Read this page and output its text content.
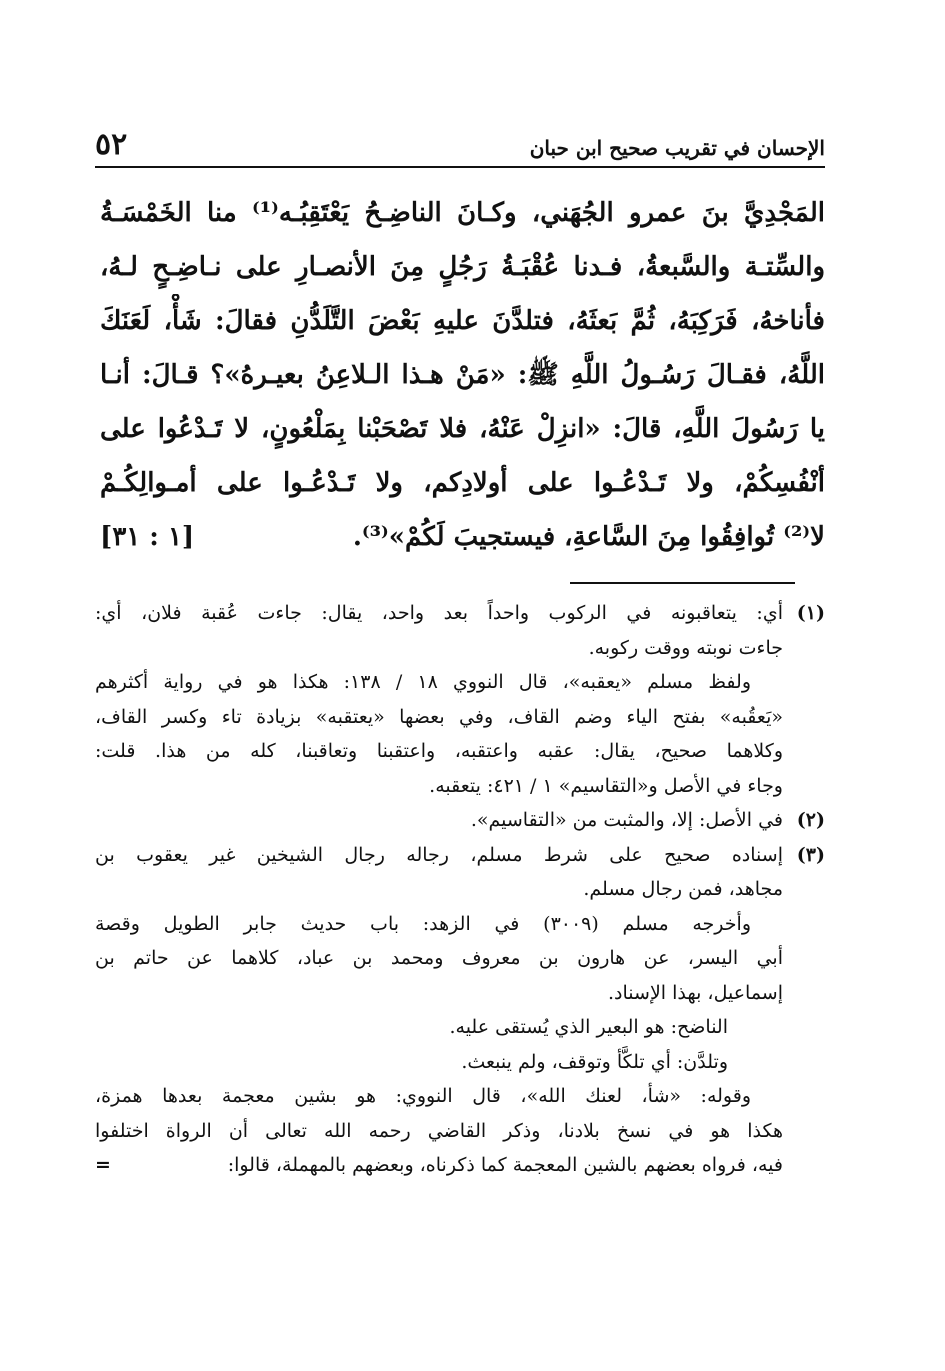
الإحسان في تقريب صحيح ابن حبان
٥٢
المَجْدِيَّ بنَ عمرو الجُهَني، وكـانَ الناضِـحُ يَعْتَقِبُـه⁽¹⁾ منا الخَمْسَـةُ
والسِّتـة والسَّبعةُ، فـدنا عُقْبَـةُ رَجُلٍ مِنَ الأنصـارِ على نـاضِـحٍ لـهُ،
فأناخهُ، فَرَكِبَهُ، ثُمَّ بَعثَهُ، فتلدَّنَ عليهِ بَعْضَ التَّلَدُّنِ فقالَ: شَأْ، لَعَنَكَ
اللَّهُ، فقـالَ رَسُـولُ اللَّهِ ﷺ: «مَنْ هـذا الـلاعِنُ بعيـرهُ»؟ قـالَ: أنـا
يا رَسُولَ اللَّهِ، قالَ: «انزِلْ عَنْهُ، فلا تَصْحَبْنا بِمَلْعُونٍ، لا تَـدْعُوا على
أنْفُسِكُمْ، ولا تَـدْعُـوا على أولادِكم، ولا تَـدْعُـوا على أمـوالِكُـمْ
لا⁽²⁾ تُوافِقُوا مِنَ السَّاعةِ، فيستجيبَ لَكُمْ»⁽³⁾.
[١ : ٣١]
(١)
أي: يتعاقبونه في الركوب واحداً بعد واحد، يقال: جاءت عُقبة فلان، أي:
جاءت نوبته ووقت ركوبه.
ولفظ مسلم «يعقبه»، قال النووي ١٨ / ١٣٨: هكذا هو في رواية أكثرهم
«يَعقُبه» بفتح الياء وضم القاف، وفي بعضها «يعتقبه» بزيادة تاء وكسر القاف،
وكلاهما صحيح، يقال: عقبه واعتقبه، واعتقبنا وتعاقبنا، كله من هذا. قلت:
وجاء في الأصل و«التقاسيم» ١ / ٤٢١: يتعقبه.
(٢)
في الأصل: إلا، والمثبت من «التقاسيم».
(٣)
إسناده صحيح على شرط مسلم، رجاله رجال الشيخين غير يعقوب بن
مجاهد، فمن رجال مسلم.
وأخرجه مسلم (٣٠٠٩) في الزهد: باب حديث جابر الطويل وقصة
أبي اليسر، عن هارون بن معروف ومحمد بن عباد، كلاهما عن حاتم بن
إسماعيل، بهذا الإسناد.
الناضح: هو البعير الذي يُستقى عليه.
وتلدَّن: أي تلكَّأ وتوقف، ولم ينبعث.
وقوله: «شأ، لعنك الله»، قال النووي: هو بشين معجمة بعدها همزة،
هكذا هو في نسخ بلادنا، وذكر القاضي رحمه الله تعالى أن الرواة اختلفوا
فيه، فرواه بعضهم بالشين المعجمة كما ذكرناه، وبعضهم بالمهملة، قالوا:
=
